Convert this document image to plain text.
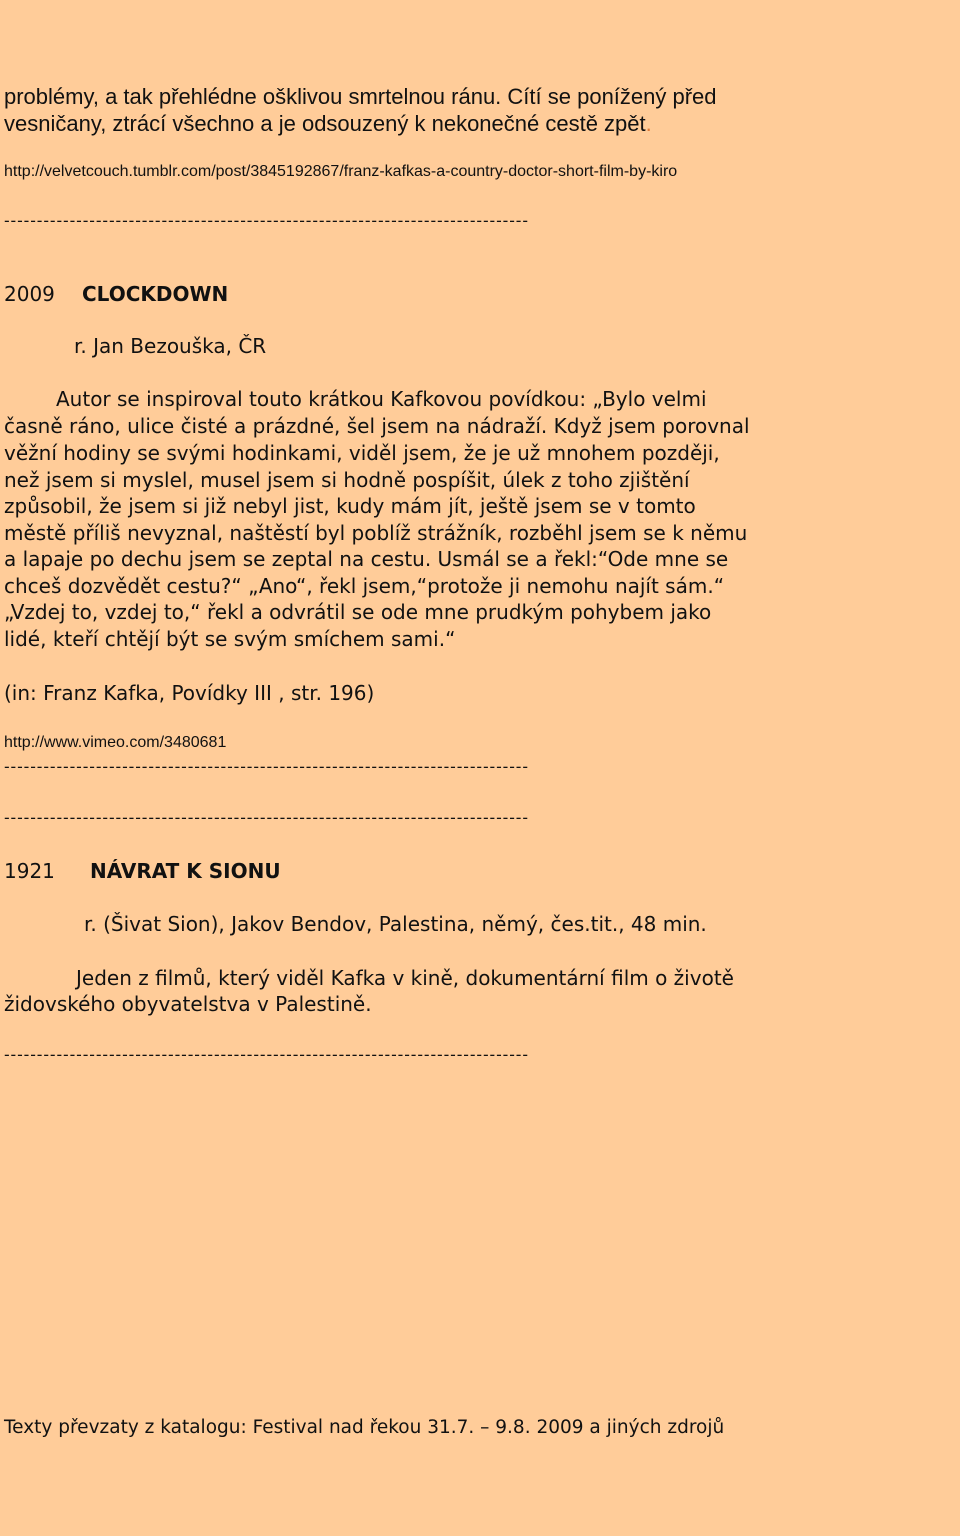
problémy, a tak přehlédne ošklivou smrtelnou ránu. Cítí se ponížený před
vesničany, ztrácí všechno a je odsouzený k nekonečné cestě zpět.
http://velvetcouch.tumblr.com/post/3845192867/franz-kafkas-a-country-doctor-short-film-by-kiro
--------------------------------------------------------------------------------
2009 CLOCKDOWN
r. Jan Bezouška, ČR
Autor se inspiroval touto krátkou Kafkovou povídkou: „Bylo velmi
časně ráno, ulice čisté a prázdné, šel jsem na nádraží. Když jsem porovnal
věžní hodiny se svými hodinkami, viděl jsem, že je už mnohem později,
než jsem si myslel, musel jsem si hodně pospíšit, úlek z toho zjištění
způsobil, že jsem si již nebyl jist, kudy mám jít, ještě jsem se v tomto
městě příliš nevyznal, naštěstí byl poblíž strážník, rozběhl jsem se k němu
a lapaje po dechu jsem se zeptal na cestu. Usmál se a řekl:“Ode mne se
chceš dozvědět cestu?“ „Ano“, řekl jsem,“protože ji nemohu najít sám.“
„Vzdej to, vzdej to,“ řekl a odvrátil se ode mne prudkým pohybem jako
lidé, kteří chtějí být se svým smíchem sami.“
(in: Franz Kafka, Povídky III , str. 196)
http://www.vimeo.com/3480681
--------------------------------------------------------------------------------
--------------------------------------------------------------------------------
1921 NÁVRAT K SIONU
r. (Šivat Sion), Jakov Bendov, Palestina, němý, čes.tit., 48 min.
Jeden z filmů, který viděl Kafka v kině, dokumentární film o životě
židovského obyvatelstva v Palestině.
--------------------------------------------------------------------------------
Texty převzaty z katalogu: Festival nad řekou 31.7. – 9.8. 2009 a jiných zdrojů
